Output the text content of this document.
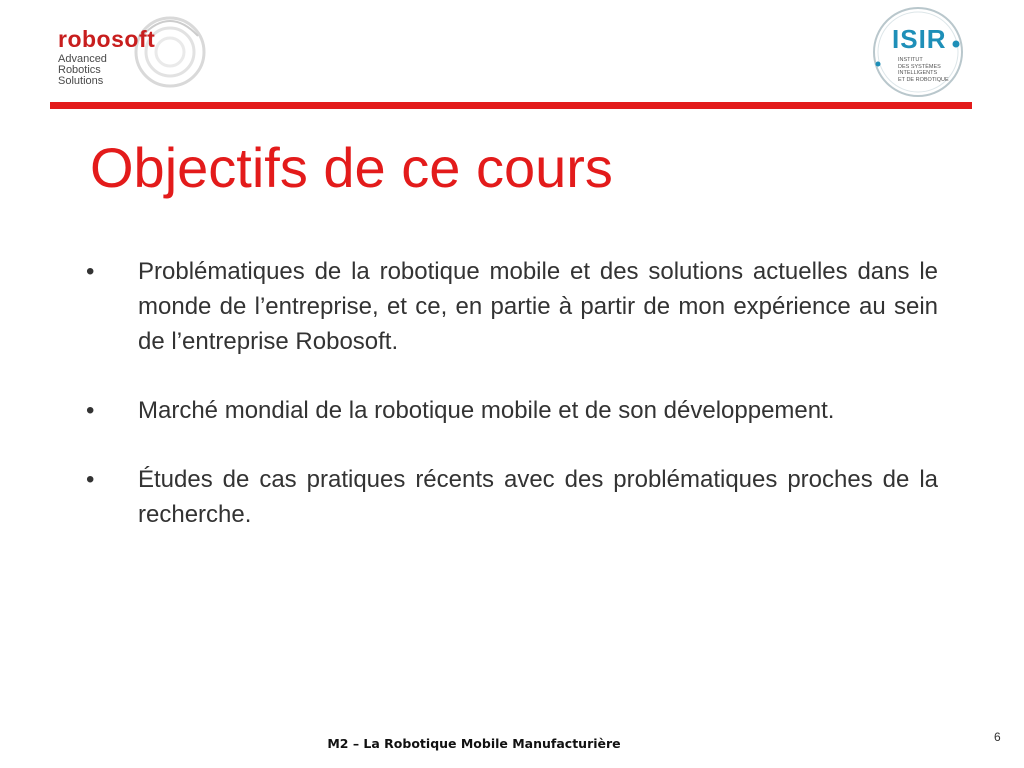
robosoft
Advanced
Robotics
Solutions
ISIR
INSTITUT
DES SYSTÈMES
INTELLIGENTS
ET DE ROBOTIQUE
Objectifs de ce cours
• Problématiques de la robotique mobile et des solutions actuelles dans le monde de l’entreprise, et ce, en partie à partir de mon expérience au sein de l’entreprise Robosoft.
• Marché mondial de la robotique mobile et de son développement.
• Études de cas pratiques récents avec des problématiques proches de la recherche.
M2 – La Robotique Mobile Manufacturière	6
